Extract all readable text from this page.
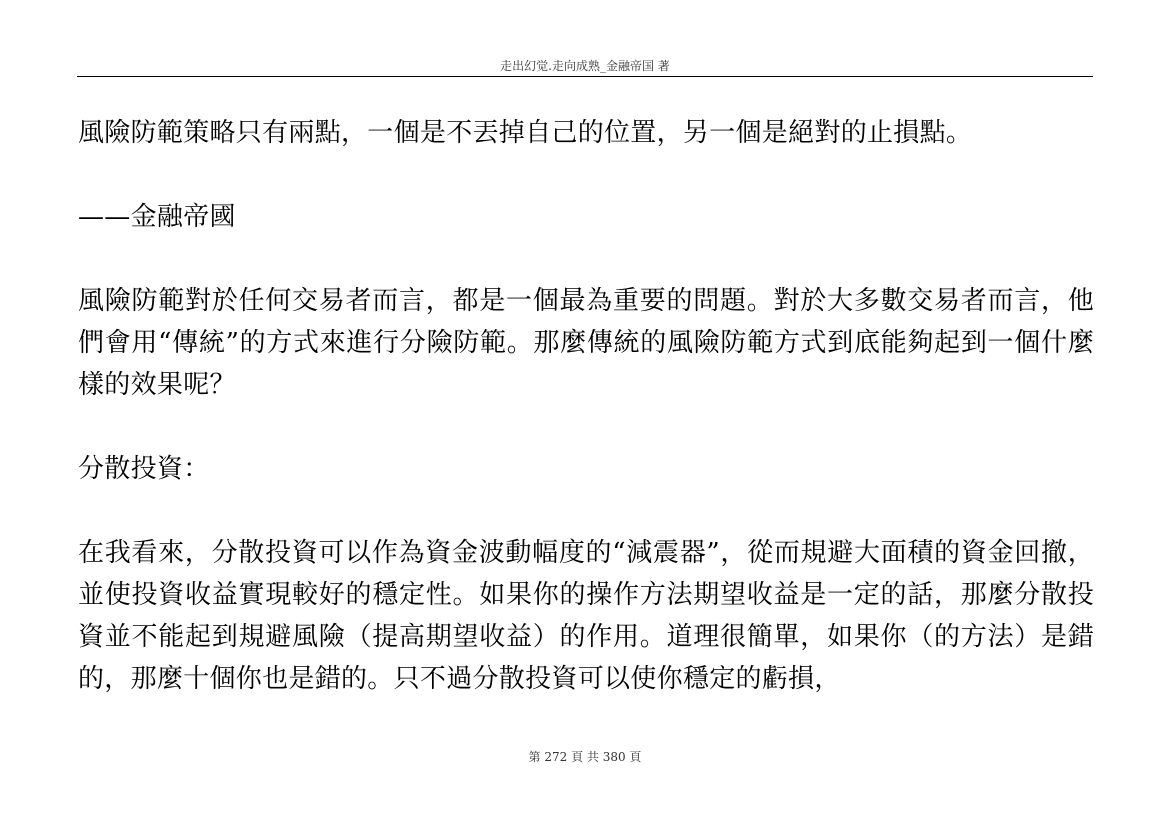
走出幻觉.走向成熟_金融帝国 著

風險防範策略只有兩點，一個是不丟掉自己的位置，另一個是絕對的止損點。

——金融帝國

風險防範對於任何交易者而言，都是一個最為重要的問題。對於大多數交易者而言，他們會用“傳統”的方式來進行分險防範。那麼傳統的風險防範方式到底能夠起到一個什麼樣的效果呢？

分散投資：

在我看來，分散投資可以作為資金波動幅度的“減震器”，從而規避大面積的資金回撤，並使投資收益實現較好的穩定性。如果你的操作方法期望收益是一定的話，那麼分散投資並不能起到規避風險（提高期望收益）的作用。道理很簡單，如果你（的方法）是錯的，那麼十個你也是錯的。只不過分散投資可以使你穩定的虧損，

第 272 頁 共 380 頁
